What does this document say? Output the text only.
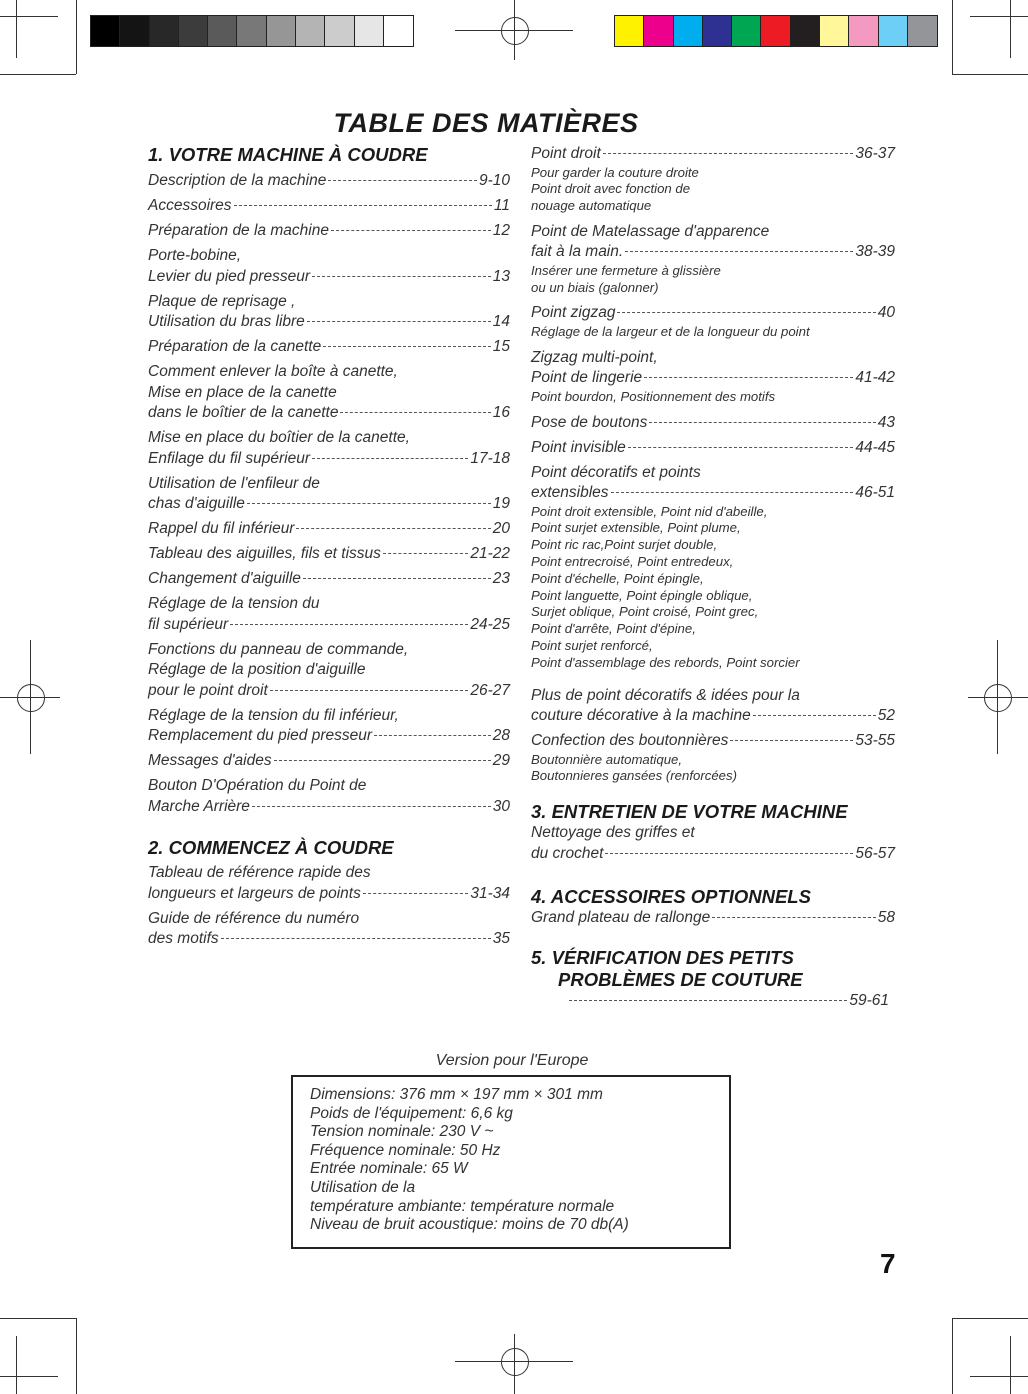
TABLE DES MATIÈRES
1. VOTRE MACHINE À COUDRE
Description de la machine	9-10
Accessoires	11
Préparation de la machine	12
Porte-bobine,
Levier du pied presseur	13
Plaque de reprisage ,
Utilisation du bras libre	14
Préparation de la canette	15
Comment enlever la boîte à canette,
Mise en place de la canette
dans le boîtier de la canette	16
Mise en place du boîtier de la canette,
Enfilage du fil supérieur	17-18
Utilisation de l'enfileur de
chas d'aiguille	19
Rappel du fil inférieur	20
Tableau des aiguilles, fils et tissus	21-22
Changement d'aiguille	23
Réglage de la tension du
fil supérieur	24-25
Fonctions du panneau de commande,
Réglage de la position d'aiguille
pour le point droit	26-27
Réglage de la tension du fil inférieur,
Remplacement du pied presseur	28
Messages d'aides	29
Bouton D'Opération du Point de
Marche Arrière	30
2. COMMENCEZ À COUDRE
Tableau de référence rapide des
longueurs et largeurs de points	31-34
Guide de référence du numéro
des motifs	35
Point droit	36-37
Pour garder la couture droite
Point droit avec fonction de
nouage automatique
Point de Matelassage d'apparence
fait à la main.	38-39
Insérer une fermeture à glissière
ou un biais (galonner)
Point zigzag	40
Réglage de la largeur et de la longueur du point
Zigzag multi-point,
Point de lingerie	41-42
Point bourdon, Positionnement des motifs
Pose de boutons	43
Point invisible	44-45
Point décoratifs et points
extensibles	46-51
Point droit extensible, Point nid d'abeille,
Point surjet extensible, Point plume,
Point ric rac,Point surjet double,
Point entrecroisé, Point entredeux,
Point d'échelle, Point épingle,
Point languette, Point épingle oblique,
Surjet oblique, Point croisé, Point grec,
Point d'arrête, Point d'épine,
Point surjet renforcé,
Point d'assemblage des rebords, Point sorcier
Plus de point décoratifs & idées pour la
couture décorative à la machine	52
Confection des boutonnières	53-55
Boutonnière automatique,
Boutonnieres gansées (renforcées)
3. ENTRETIEN DE VOTRE MACHINE
Nettoyage des griffes et
du crochet	56-57
4. ACCESSOIRES OPTIONNELS
Grand plateau de rallonge	58
5. VÉRIFICATION DES PETITS
PROBLÈMES DE COUTURE
59-61
Version pour l'Europe
Dimensions: 376 mm × 197 mm × 301 mm
Poids de l'équipement: 6,6 kg
Tension nominale: 230 V ~
Fréquence nominale: 50 Hz
Entrée nominale: 65 W
Utilisation de la
température ambiante: température normale
Niveau de bruit acoustique: moins de 70 db(A)
7
